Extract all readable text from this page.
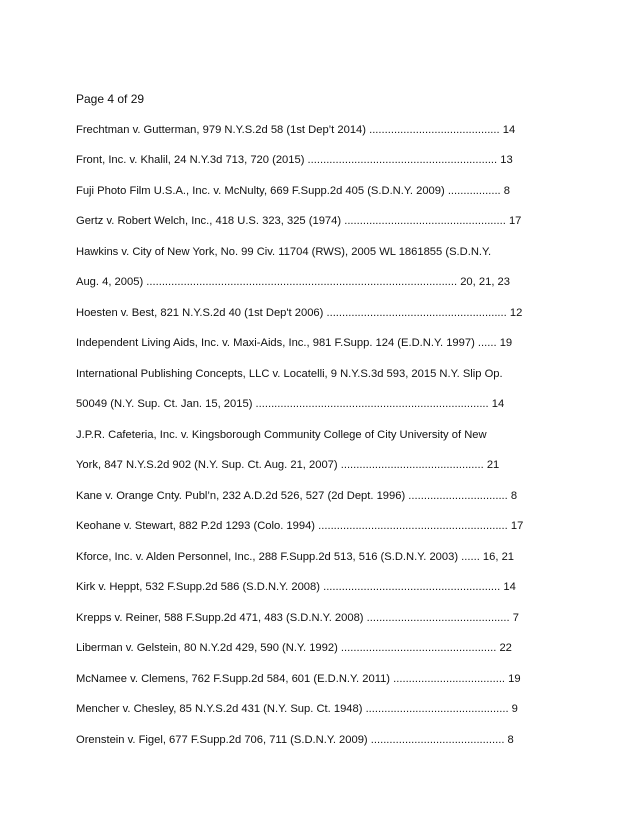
Page 4 of 29
Frechtman v. Gutterman, 979 N.Y.S.2d 58 (1st Dep’t 2014) .......................................... 14
Front, Inc. v. Khalil, 24 N.Y.3d 713, 720 (2015) ............................................................. 13
Fuji Photo Film U.S.A., Inc. v. McNulty, 669 F.Supp.2d 405 (S.D.N.Y. 2009) ................. 8
Gertz v. Robert Welch, Inc., 418 U.S. 323, 325 (1974) .................................................... 17
Hawkins v. City of New York, No. 99 Civ. 11704 (RWS), 2005 WL 1861855 (S.D.N.Y.
Aug. 4, 2005) .................................................................................................... 20, 21, 23
Hoesten v. Best, 821 N.Y.S.2d 40 (1st Dep't 2006) .......................................................... 12
Independent Living Aids, Inc. v. Maxi-Aids, Inc., 981 F.Supp. 124 (E.D.N.Y. 1997) ...... 19
International Publishing Concepts, LLC v. Locatelli, 9 N.Y.S.3d 593, 2015 N.Y. Slip Op.
50049 (N.Y. Sup. Ct. Jan. 15, 2015) ........................................................................... 14
J.P.R. Cafeteria, Inc. v. Kingsborough Community College of City University of New
York, 847 N.Y.S.2d 902 (N.Y. Sup. Ct. Aug. 21, 2007) .............................................. 21
Kane v. Orange Cnty. Publ’n, 232 A.D.2d 526, 527 (2d Dept. 1996) ................................ 8
Keohane v. Stewart, 882 P.2d 1293 (Colo. 1994) ............................................................. 17
Kforce, Inc. v. Alden Personnel, Inc., 288 F.Supp.2d 513, 516 (S.D.N.Y. 2003) ...... 16, 21
Kirk v. Heppt, 532 F.Supp.2d 586 (S.D.N.Y. 2008) ......................................................... 14
Krepps v. Reiner, 588 F.Supp.2d 471, 483 (S.D.N.Y. 2008) .............................................. 7
Liberman v. Gelstein, 80 N.Y.2d 429, 590 (N.Y. 1992) .................................................. 22
McNamee v. Clemens, 762 F.Supp.2d 584, 601 (E.D.N.Y. 2011) .................................... 19
Mencher v. Chesley, 85 N.Y.S.2d 431 (N.Y. Sup. Ct. 1948) .............................................. 9
Orenstein v. Figel, 677 F.Supp.2d 706, 711 (S.D.N.Y. 2009) ........................................... 8
